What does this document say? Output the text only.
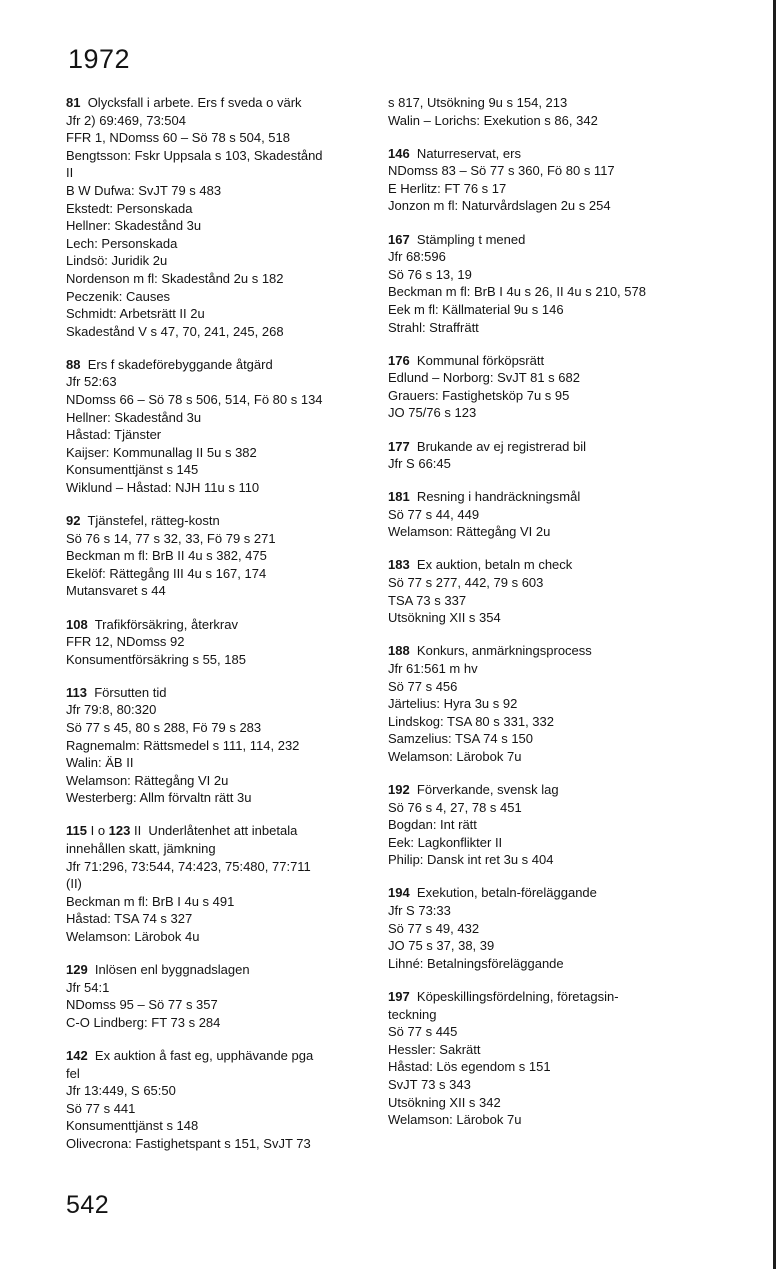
1972
81  Olycksfall i arbete. Ers f sveda o värk
Jfr 2) 69:469, 73:504
FFR 1, NDomss 60 – Sö 78 s 504, 518
Bengtsson: Fskr Uppsala s 103, Skadestånd
II
B W Dufwa: SvJT 79 s 483
Ekstedt: Personskada
Hellner: Skadestånd 3u
Lech: Personskada
Lindsö: Juridik 2u
Nordenson m fl: Skadestånd 2u s 182
Peczenik: Causes
Schmidt: Arbetsrätt II 2u
Skadestånd V s 47, 70, 241, 245, 268
88  Ers f skadeförebyggande åtgärd
Jfr 52:63
NDomss 66 – Sö 78 s 506, 514, Fö 80 s 134
Hellner: Skadestånd 3u
Håstad: Tjänster
Kaijser: Kommunallag II 5u s 382
Konsumenttjänst s 145
Wiklund – Håstad: NJH 11u s 110
92  Tjänstefel, rätteg-kostn
Sö 76 s 14, 77 s 32, 33, Fö 79 s 271
Beckman m fl: BrB II 4u s 382, 475
Ekelöf: Rättegång III 4u s 167, 174
Mutansvaret s 44
108  Trafikförsäkring, återkrav
FFR 12, NDomss 92
Konsumentförsäkring s 55, 185
113  Försutten tid
Jfr 79:8, 80:320
Sö 77 s 45, 80 s 288, Fö 79 s 283
Ragnemalm: Rättsmedel s 111, 114, 232
Walin: ÄB II
Welamson: Rättegång VI 2u
Westerberg: Allm förvaltn rätt 3u
115 I o 123 II  Underlåtenhet att inbetala
innehållen skatt, jämkning
Jfr 71:296, 73:544, 74:423, 75:480, 77:711
(II)
Beckman m fl: BrB I 4u s 491
Håstad: TSA 74 s 327
Welamson: Lärobok 4u
129  Inlösen enl byggnadslagen
Jfr 54:1
NDomss 95 – Sö 77 s 357
C-O Lindberg: FT 73 s 284
142  Ex auktion å fast eg, upphävande pga
fel
Jfr 13:449, S 65:50
Sö 77 s 441
Konsumenttjänst s 148
Olivecrona: Fastighetspant s 151, SvJT 73
s 817, Utsökning 9u s 154, 213
Walin – Lorichs: Exekution s 86, 342
146  Naturreservat, ers
NDomss 83 – Sö 77 s 360, Fö 80 s 117
E Herlitz: FT 76 s 17
Jonzon m fl: Naturvårdslagen 2u s 254
167  Stämpling t mened
Jfr 68:596
Sö 76 s 13, 19
Beckman m fl: BrB I 4u s 26, II 4u s 210, 578
Eek m fl: Källmaterial 9u s 146
Strahl: Straffrätt
176  Kommunal förköpsrätt
Edlund – Norborg: SvJT 81 s 682
Grauers: Fastighetsköp 7u s 95
JO 75/76 s 123
177  Brukande av ej registrerad bil
Jfr S 66:45
181  Resning i handräckningsmål
Sö 77 s 44, 449
Welamson: Rättegång VI 2u
183  Ex auktion, betaln m check
Sö 77 s 277, 442, 79 s 603
TSA 73 s 337
Utsökning XII s 354
188  Konkurs, anmärkningsprocess
Jfr 61:561 m hv
Sö 77 s 456
Järtelius: Hyra 3u s 92
Lindskog: TSA 80 s 331, 332
Samzelius: TSA 74 s 150
Welamson: Lärobok 7u
192  Förverkande, svensk lag
Sö 76 s 4, 27, 78 s 451
Bogdan: Int rätt
Eek: Lagkonflikter II
Philip: Dansk int ret 3u s 404
194  Exekution, betaln-föreläggande
Jfr S 73:33
Sö 77 s 49, 432
JO 75 s 37, 38, 39
Lihné: Betalningsföreläggande
197  Köpeskillingsfördelning, företagsin-
teckning
Sö 77 s 445
Hessler: Sakrätt
Håstad: Lös egendom s 151
SvJT 73 s 343
Utsökning XII s 342
Welamson: Lärobok 7u
542
